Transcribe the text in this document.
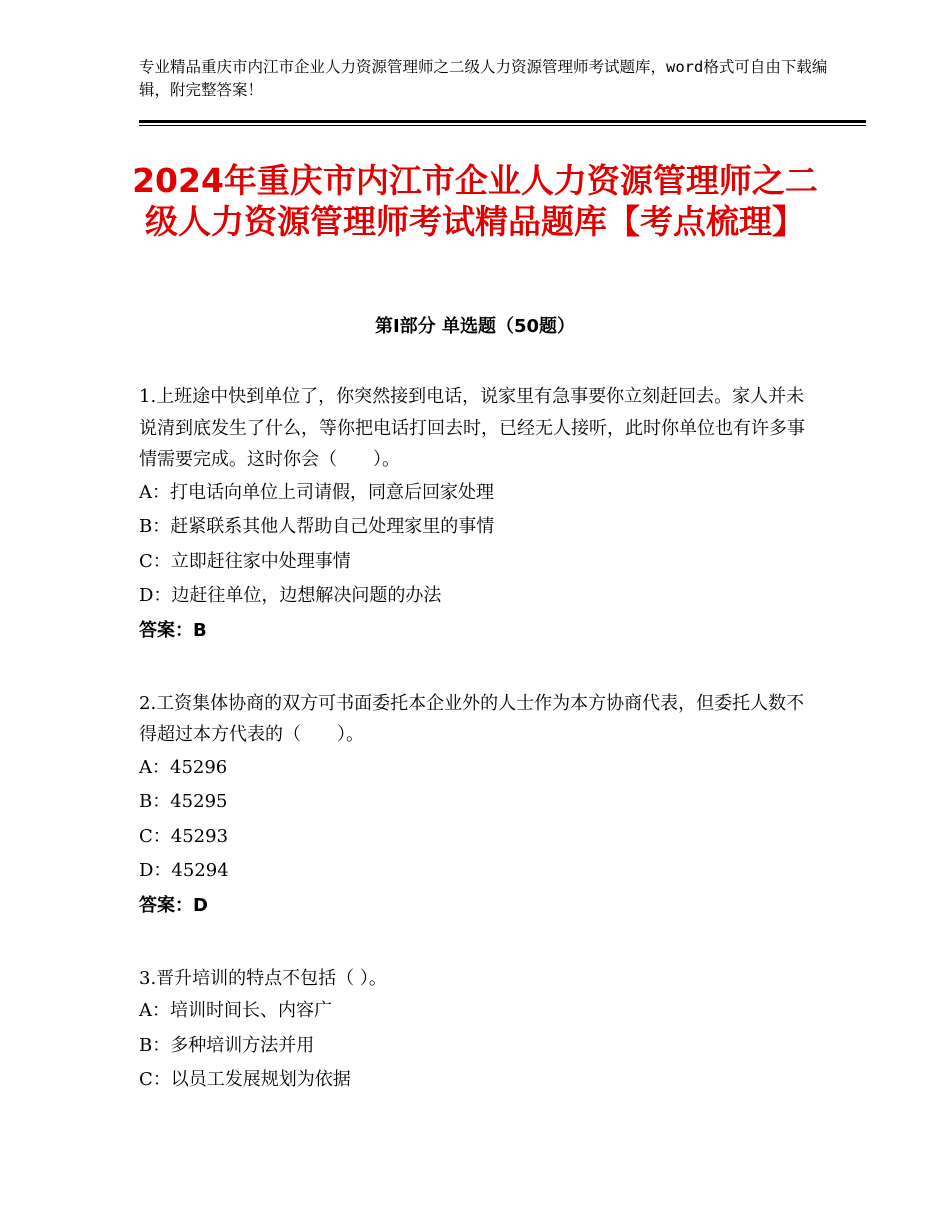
专业精品重庆市内江市企业人力资源管理师之二级人力资源管理师考试题库，word格式可自由下载编辑，附完整答案！
2024年重庆市内江市企业人力资源管理师之二级人力资源管理师考试精品题库【考点梳理】
第Ⅰ部分 单选题（50题）

1.上班途中快到单位了，你突然接到电话，说家里有急事要你立刻赶回去。家人并未说清到底发生了什么，等你把电话打回去时，已经无人接听，此时你单位也有许多事情需要完成。这时你会（　　）。

A：打电话向单位上司请假，同意后回家处理

B：赶紧联系其他人帮助自己处理家里的事情

C：立即赶往家中处理事情

D：边赶往单位，边想解决问题的办法

答案：B

2.工资集体协商的双方可书面委托本企业外的人士作为本方协商代表，但委托人数不得超过本方代表的（　　）。

A：45296

B：45295

C：45293

D：45294

答案：D

3.晋升培训的特点不包括（ ）。

A：培训时间长、内容广

B：多种培训方法并用

C：以员工发展规划为依据
